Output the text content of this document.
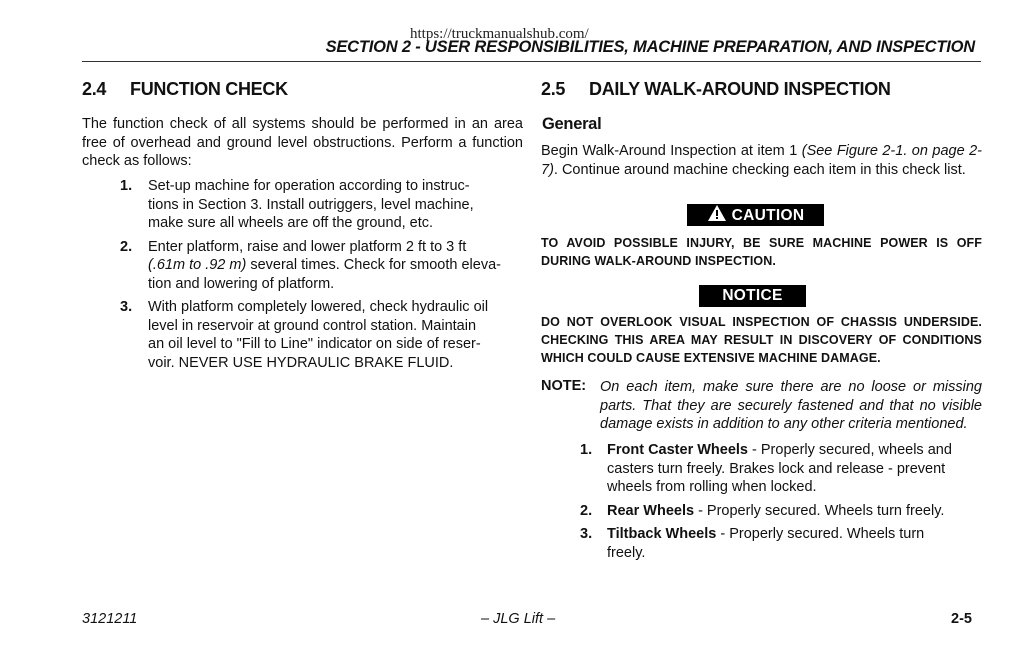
https://truckmanualshub.com/
SECTION 2 - USER RESPONSIBILITIES, MACHINE PREPARATION, AND INSPECTION
2.4 FUNCTION CHECK
The function check of all systems should be performed in an area free of overhead and ground level obstructions. Perform a function check as follows:
1. Set-up machine for operation according to instruc-
tions in Section 3. Install outriggers, level machine,
make sure all wheels are off the ground, etc.
2. Enter platform, raise and lower platform 2 ft to 3 ft
(.61m to .92 m) several times. Check for smooth eleva-
tion and lowering of platform.
3. With platform completely lowered, check hydraulic oil
level in reservoir at ground control station. Maintain
an oil level to "Fill to Line" indicator on side of reser-
voir. NEVER USE HYDRAULIC BRAKE FLUID.
2.5 DAILY WALK-AROUND INSPECTION
General
Begin Walk-Around Inspection at item 1 (See Figure 2-1. on page 2-7). Continue around machine checking each item in this check list.
CAUTION
TO AVOID POSSIBLE INJURY, BE SURE MACHINE POWER IS OFF DURING WALK-AROUND INSPECTION.
NOTICE
DO NOT OVERLOOK VISUAL INSPECTION OF CHASSIS UNDERSIDE. CHECKING THIS AREA MAY RESULT IN DISCOVERY OF CONDITIONS WHICH COULD CAUSE EXTENSIVE MACHINE DAMAGE.
NOTE: On each item, make sure there are no loose or missing parts. That they are securely fastened and that no visible damage exists in addition to any other criteria mentioned.
1. Front Caster Wheels - Properly secured, wheels and
casters turn freely. Brakes lock and release - prevent
wheels from rolling when locked.
2. Rear Wheels - Properly secured. Wheels turn freely.
3. Tiltback Wheels - Properly secured. Wheels turn
freely.
3121211	– JLG Lift –	2-5
